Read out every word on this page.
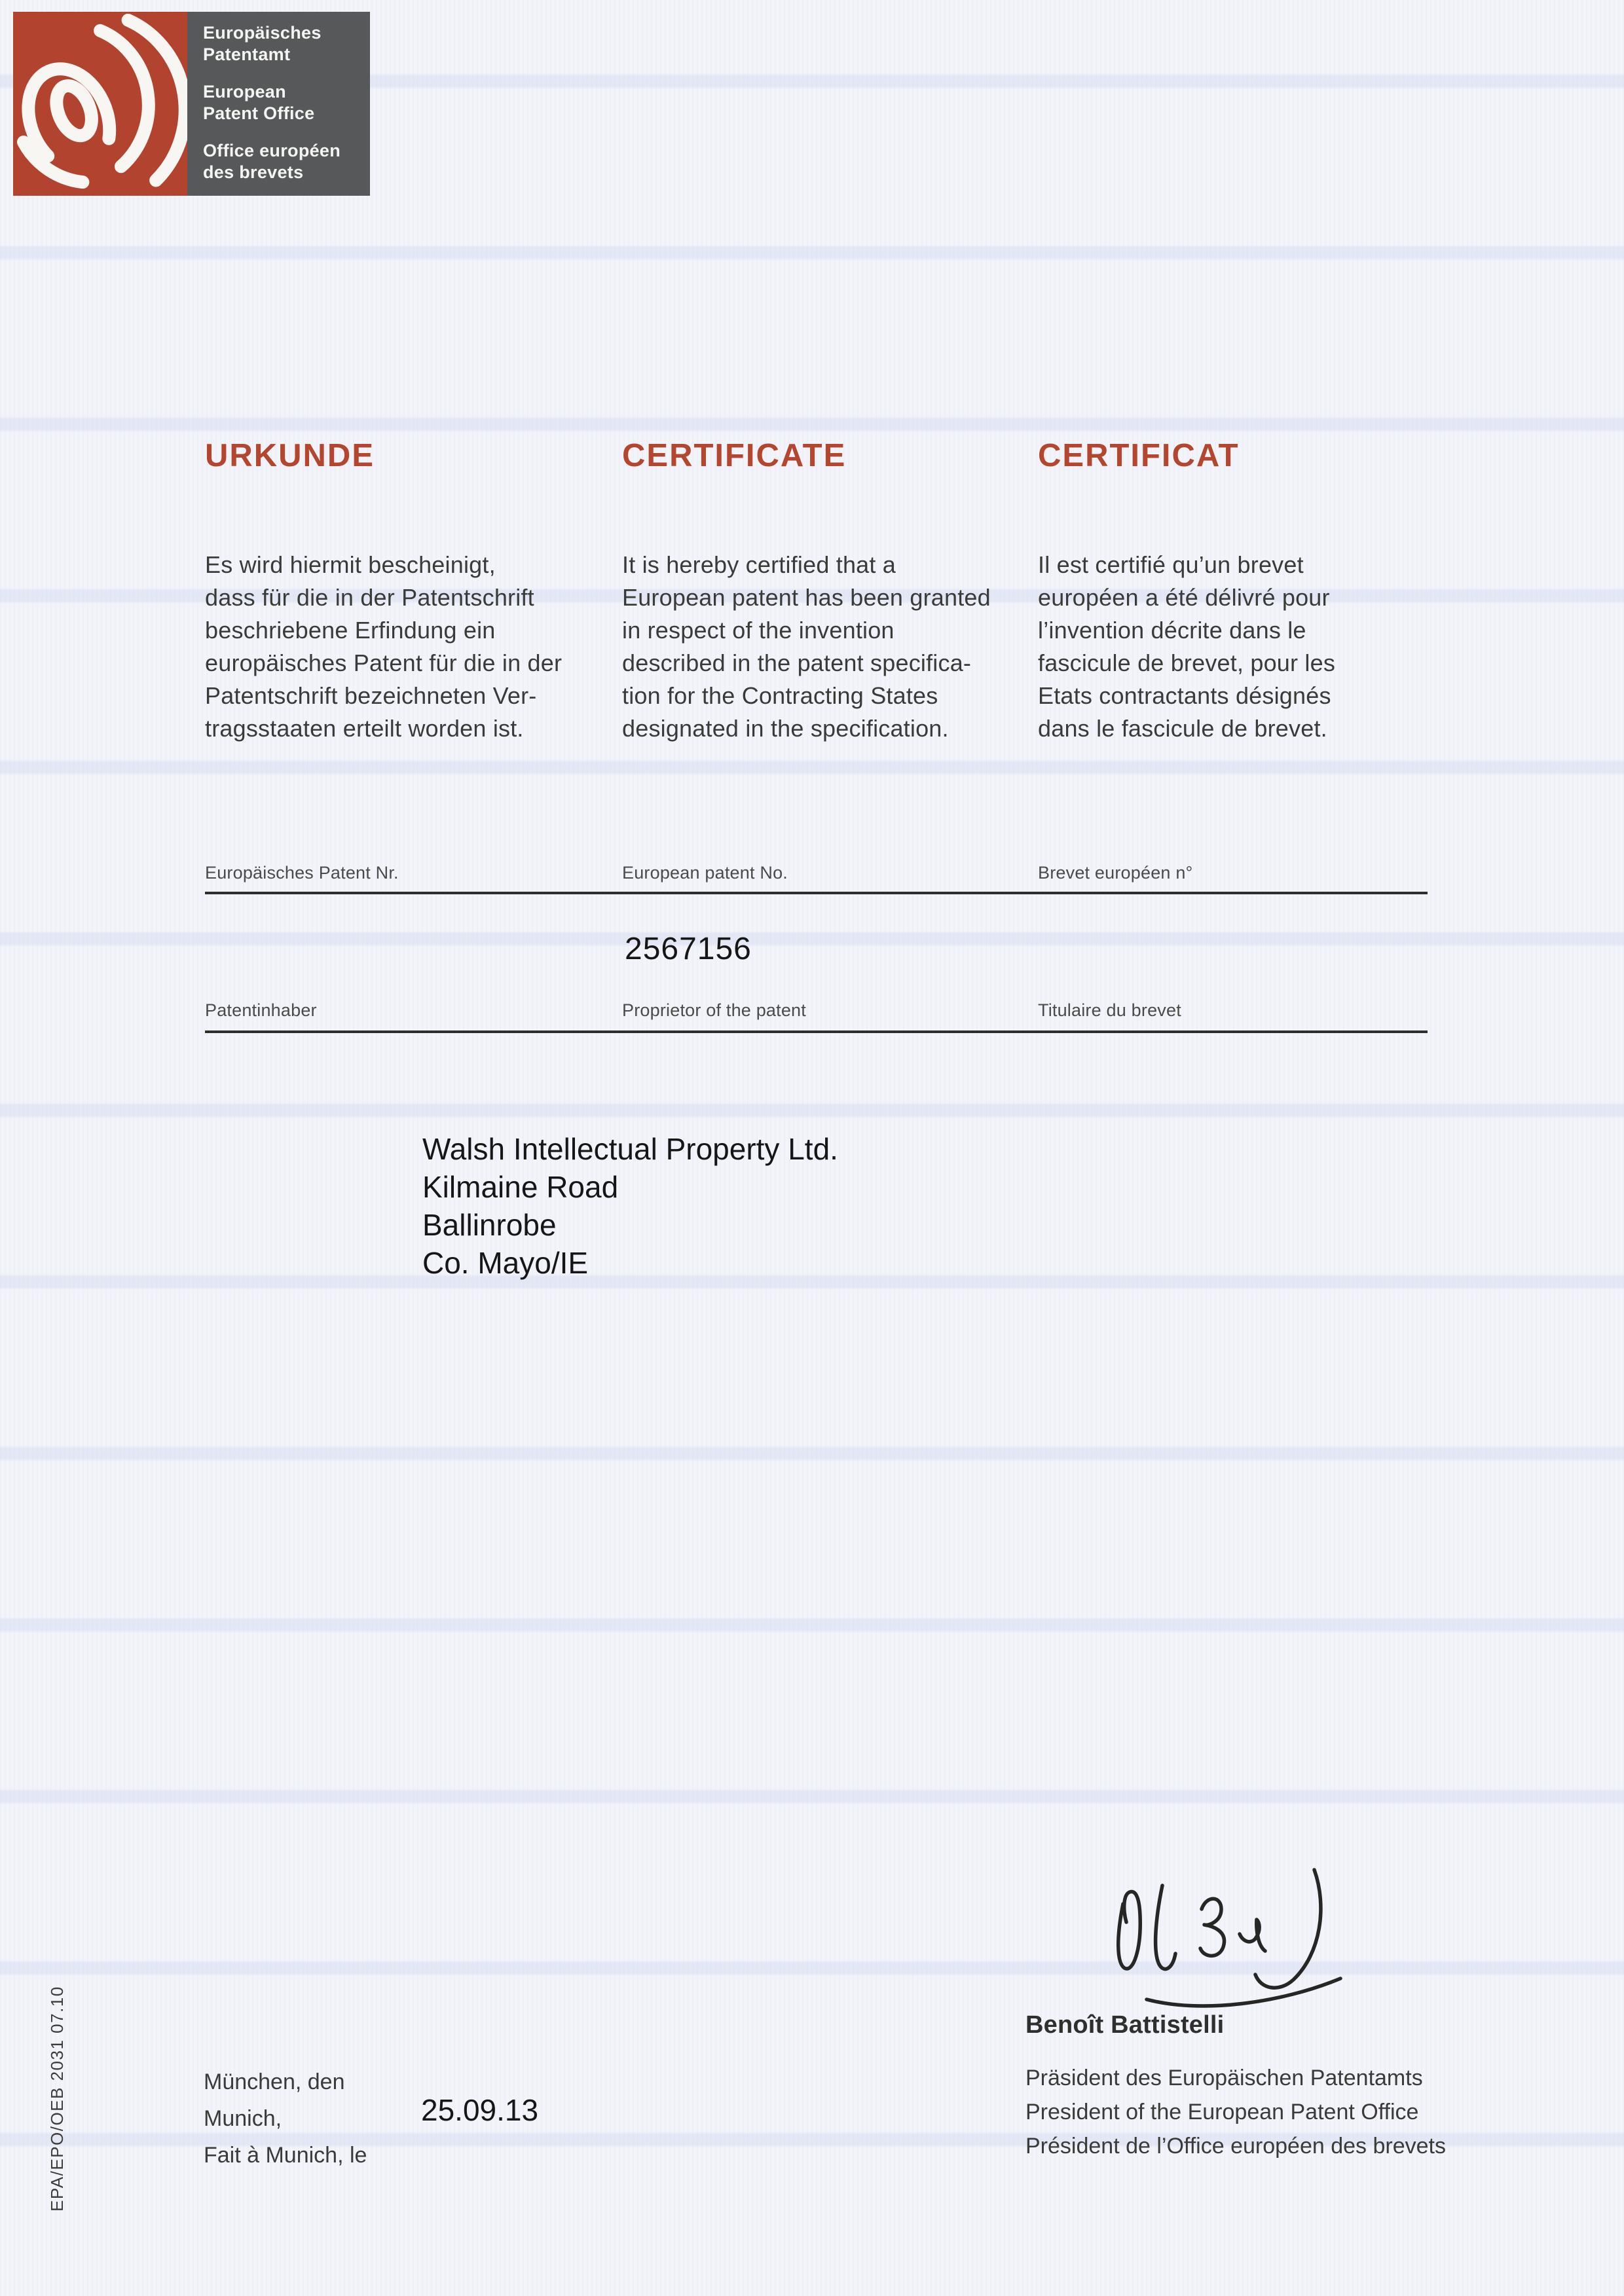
Europäisches
Patentamt
European
Patent Office
Office européen
des brevets
URKUNDE	CERTIFICATE	CERTIFICAT
Es wird hiermit bescheinigt,
dass für die in der Patentschrift
beschriebene Erfindung ein
europäisches Patent für die in der
Patentschrift bezeichneten Ver-
tragsstaaten erteilt worden ist.
It is hereby certified that a
European patent has been granted
in respect of the invention
described in the patent specifica-
tion for the Contracting States
designated in the specification.
Il est certifié qu’un brevet
européen a été délivré pour
l’invention décrite dans le
fascicule de brevet, pour les
Etats contractants désignés
dans le fascicule de brevet.
Europäisches Patent Nr.	European patent No.	Brevet européen n°
2567156
Patentinhaber	Proprietor of the patent	Titulaire du brevet
Walsh Intellectual Property Ltd.
Kilmaine Road
Ballinrobe
Co. Mayo/IE
Benoît Battistelli
Präsident des Europäischen Patentamts
President of the European Patent Office
Président de l’Office européen des brevets
München, den
Munich,
Fait à Munich, le
25.09.13
EPA/EPO/OEB 2031 07.10
